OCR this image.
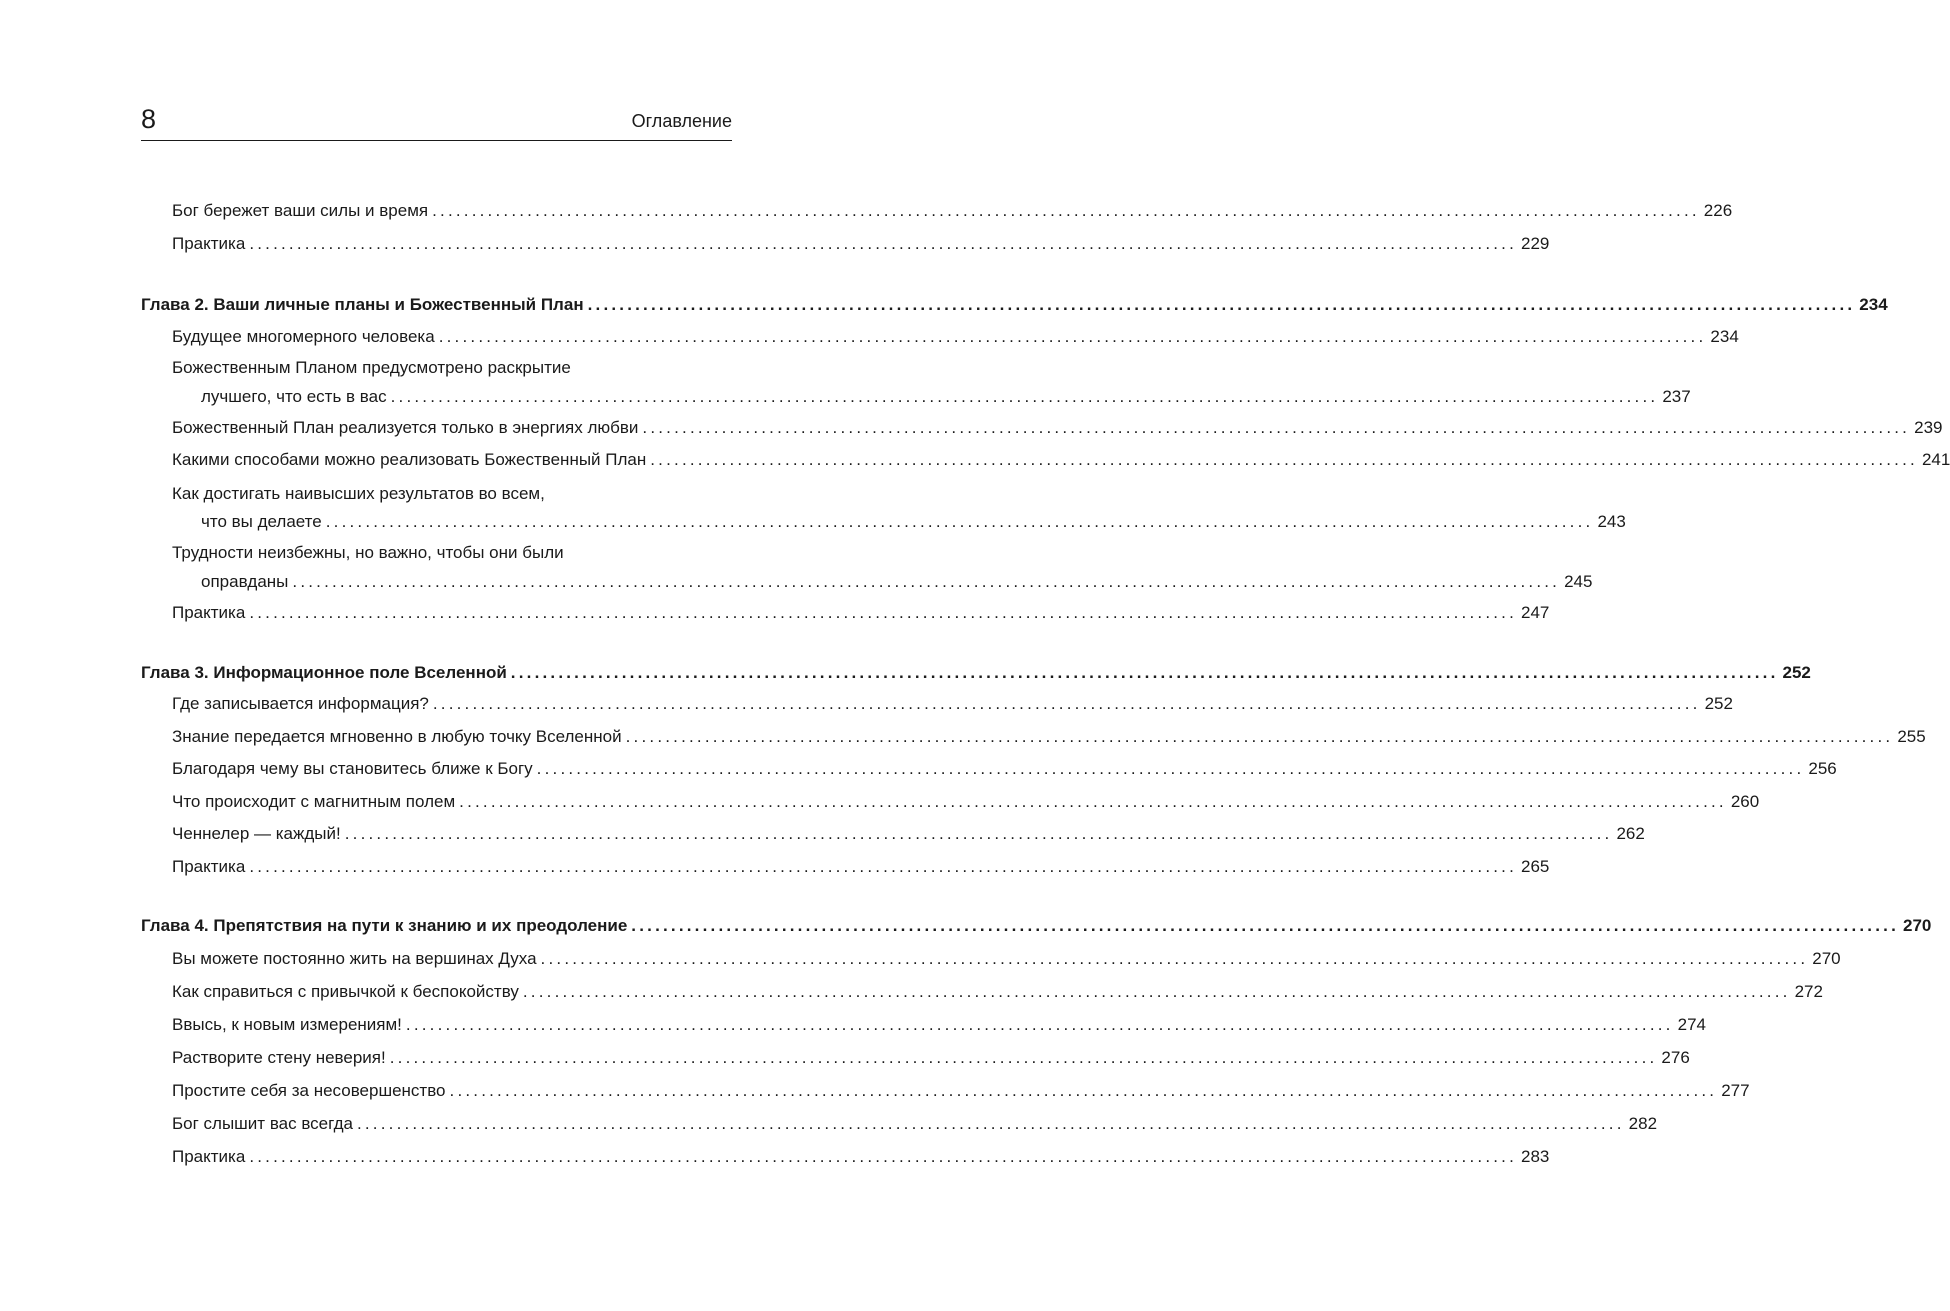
8	Оглавление
Бог бережет ваши силы и время ................................................................................................................................................................ 226
Практика ................................................................................................................................................................ 229
Глава 2. Ваши личные планы и Божественный План ................................................................................................................................................................ 234
Будущее многомерного человека ................................................................................................................................................................ 234
Божественным Планом предусмотрено раскрытие
лучшего, что есть в вас ................................................................................................................................................................ 237
Божественный План реализуется только в энергиях любви ................................................................................................................................................................ 239
Какими способами можно реализовать Божественный План ................................................................................................................................................................ 241
Как достигать наивысших результатов во всем,
что вы делаете ................................................................................................................................................................ 243
Трудности неизбежны, но важно, чтобы они были
оправданы ................................................................................................................................................................ 245
Практика ................................................................................................................................................................ 247
Глава 3. Информационное поле Вселенной ................................................................................................................................................................ 252
Где записывается информация? ................................................................................................................................................................ 252
Знание передается мгновенно в любую точку Вселенной ................................................................................................................................................................ 255
Благодаря чему вы становитесь ближе к Богу ................................................................................................................................................................ 256
Что происходит с магнитным полем ................................................................................................................................................................ 260
Ченнелер — каждый! ................................................................................................................................................................ 262
Практика ................................................................................................................................................................ 265
Глава 4. Препятствия на пути к знанию и их преодоление ................................................................................................................................................................ 270
Вы можете постоянно жить на вершинах Духа ................................................................................................................................................................ 270
Как справиться с привычкой к беспокойству ................................................................................................................................................................ 272
Ввысь, к новым измерениям! ................................................................................................................................................................ 274
Растворите стену неверия! ................................................................................................................................................................ 276
Простите себя за несовершенство ................................................................................................................................................................ 277
Бог слышит вас всегда ................................................................................................................................................................ 282
Практика ................................................................................................................................................................ 283
